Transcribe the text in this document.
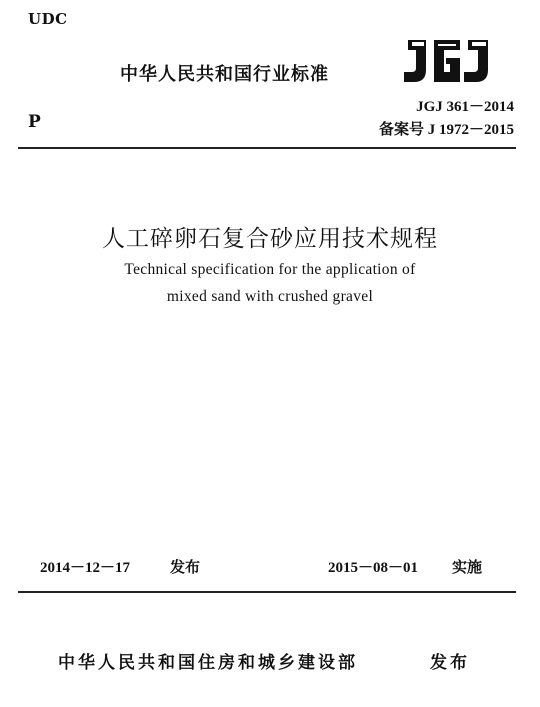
UDC
P
中华人民共和国行业标准
JGJ 361－2014
备案号 J 1972－2015
人工碎卵石复合砂应用技术规程
Technical specification for the application of
mixed sand with crushed gravel
2014－12－17	发布	2015－08－01 实施
中华人民共和国住房和城乡建设部	发布
